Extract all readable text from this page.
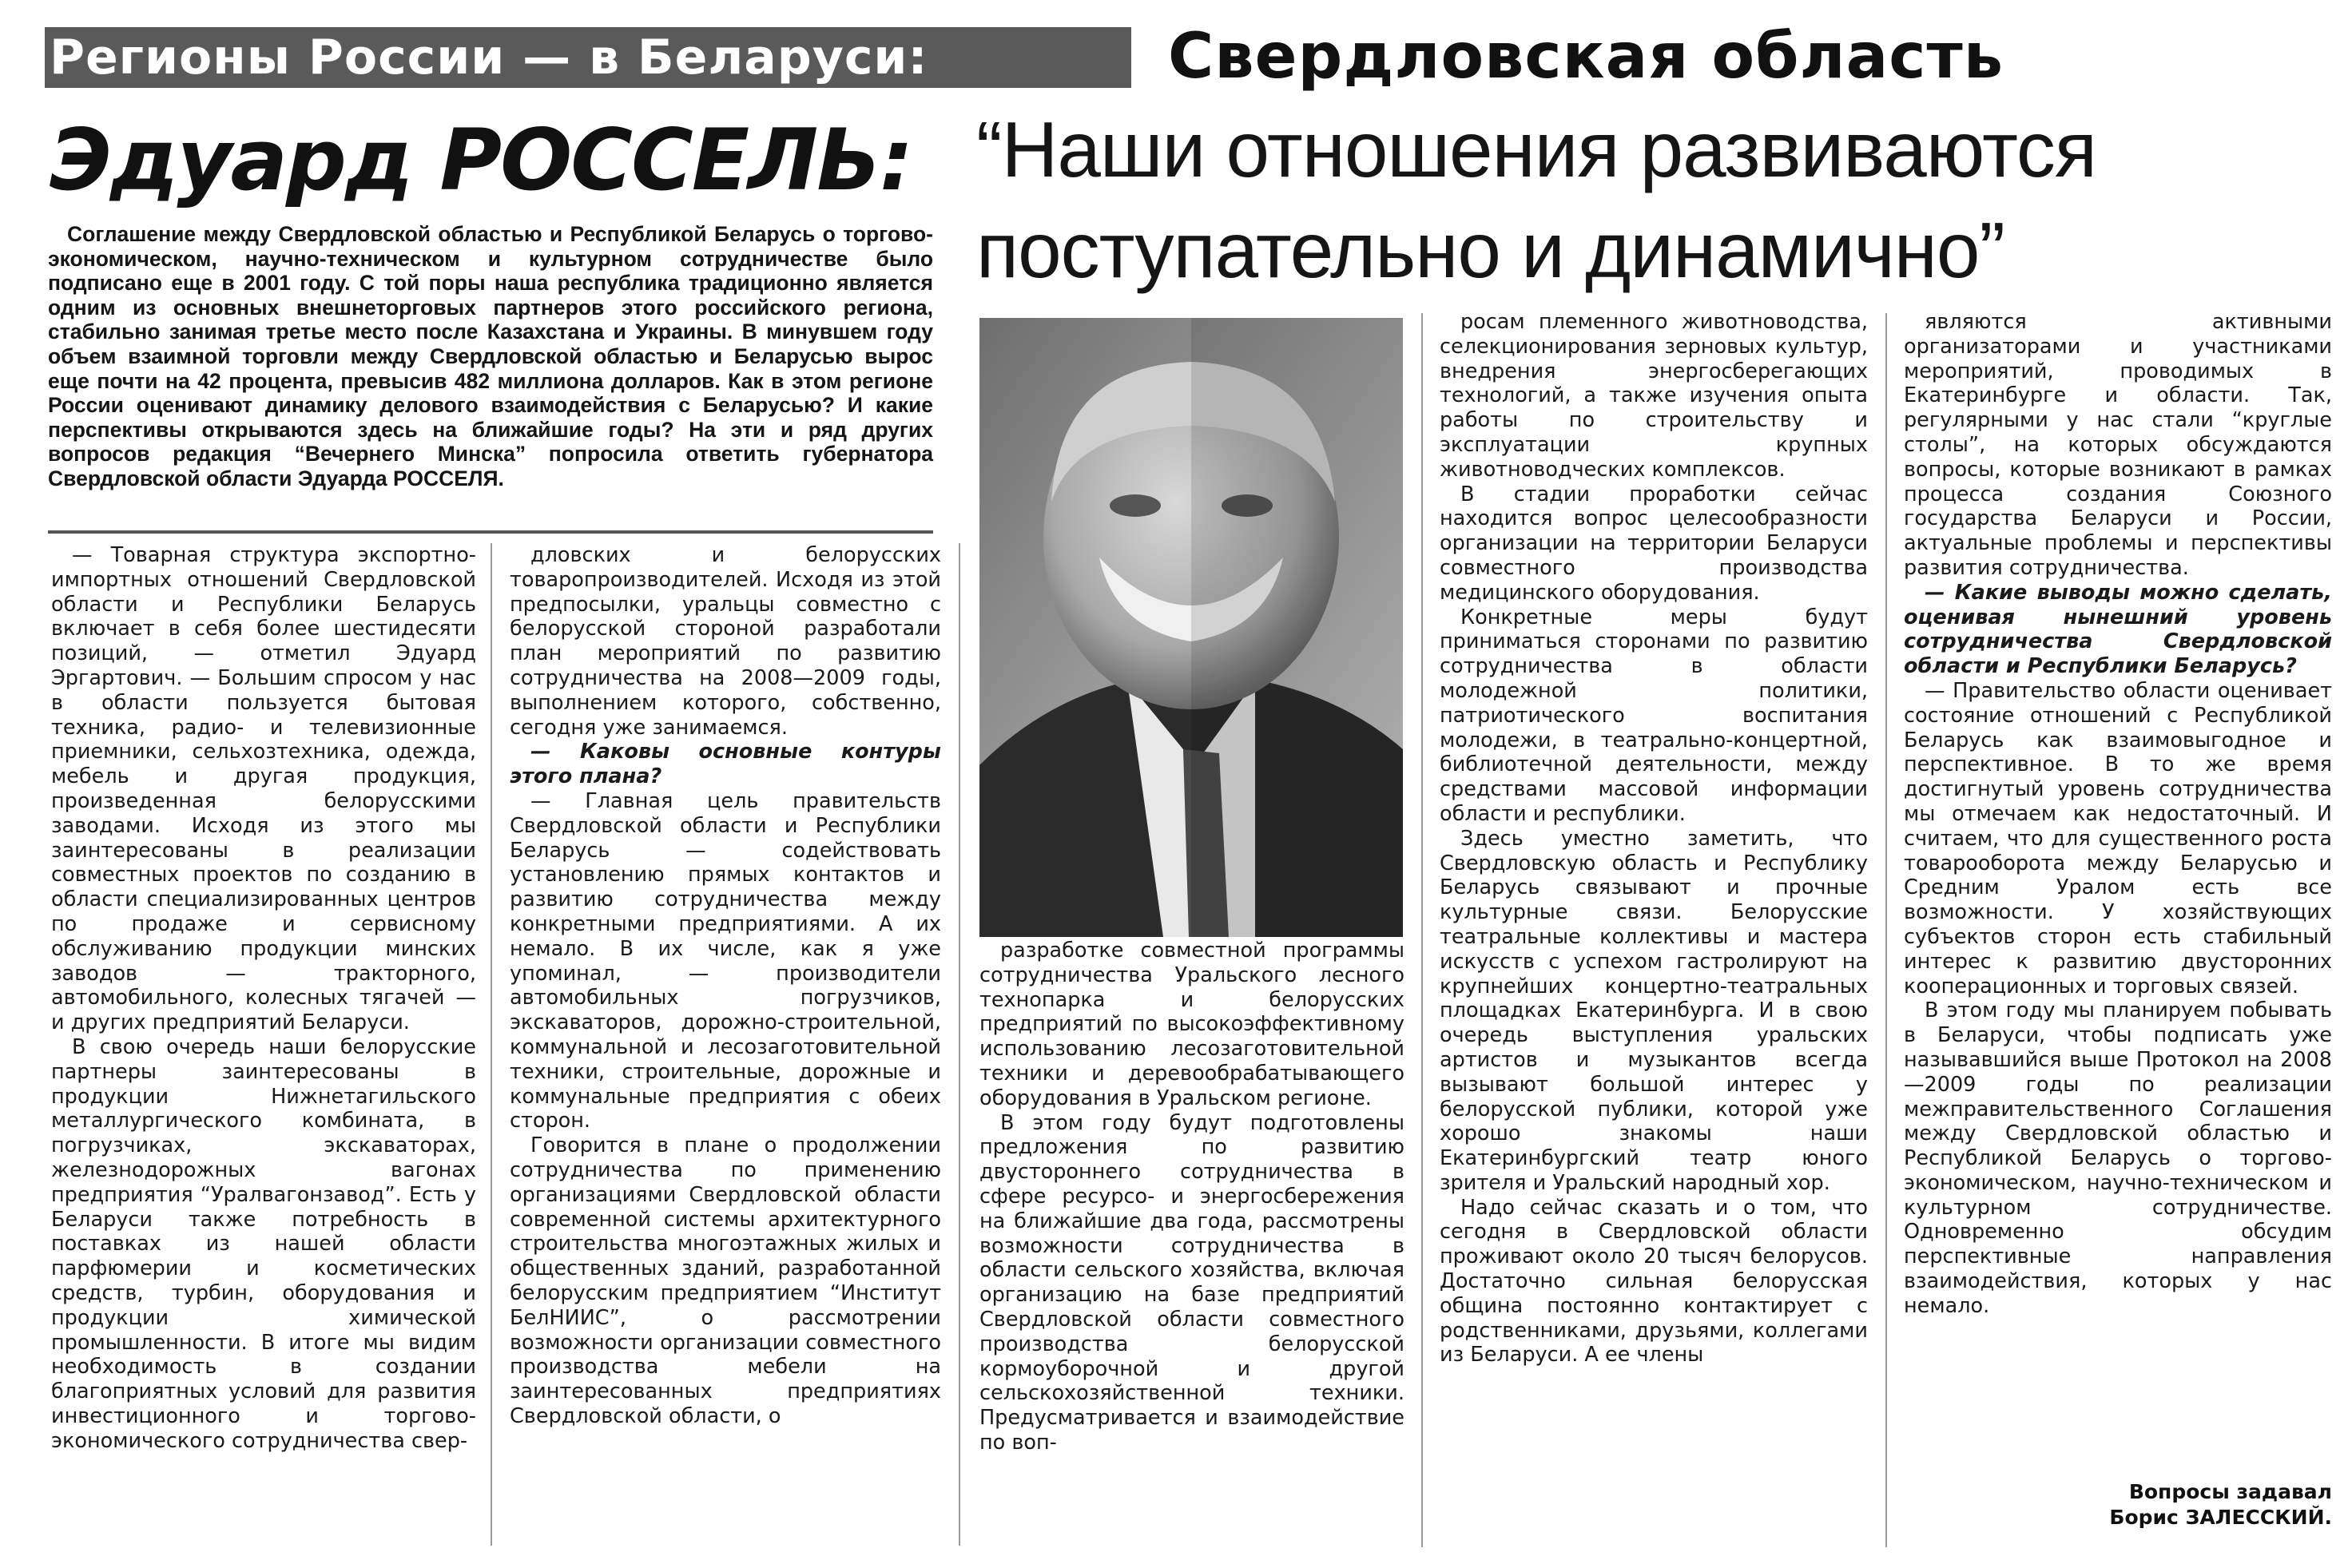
Регионы России — в Беларуси:	Свердловская область
Эдуард РОССЕЛЬ: “Наши отношения развиваются
поступательно и динамично”
Соглашение между Свердловской областью и Республикой Беларусь о торгово-экономическом, научно-техническом и культурном сотрудничестве было подписано еще в 2001 году. С той поры наша республика традиционно является одним из основных внешнеторговых партнеров этого российского региона, стабильно занимая третье место после Казахстана и Украины. В минувшем году объем взаимной торговли между Свердловской областью и Беларусью вырос еще почти на 42 процента, превысив 482 миллиона долларов. Как в этом регионе России оценивают динамику делового взаимодействия с Беларусью? И какие перспективы открываются здесь на ближайшие годы? На эти и ряд других вопросов редакция “Вечернего Минска” попросила ответить губернатора Свердловской области Эдуарда РОССЕЛЯ.

— Товарная структура экспортно-импортных отношений Свердловской области и Республики Беларусь включает в себя более шестидесяти позиций, — отметил Эдуард Эргартович. — Большим спросом у нас в области пользуется бытовая техника, радио- и телевизионные приемники, сельхозтехника, одежда, мебель и другая продукция, произведенная белорусскими заводами. Исходя из этого мы заинтересованы в реализации совместных проектов по созданию в области специализированных центров по продаже и сервисному обслуживанию продукции минских заводов — тракторного, автомобильного, колесных тягачей — и других предприятий Беларуси.

В свою очередь наши белорусские партнеры заинтересованы в продукции Нижнетагильского металлургического комбината, в погрузчиках, экскаваторах, железнодорожных вагонах предприятия “Уралвагонзавод”. Есть у Беларуси также потребность в поставках из нашей области парфюмерии и косметических средств, турбин, оборудования и продукции химической промышленности. В итоге мы видим необходимость в создании благоприятных условий для развития инвестиционного и торгово-экономического сотрудничества свер-

дловских и белорусских товаропроизводителей. Исходя из этой предпосылки, уральцы совместно с белорусской стороной разработали план мероприятий по развитию сотрудничества на 2008—2009 годы, выполнением которого, собственно, сегодня уже занимаемся.

— Каковы основные контуры этого плана?

— Главная цель правительств Свердловской области и Республики Беларусь — содействовать установлению прямых контактов и развитию сотрудничества между конкретными предприятиями. А их немало. В их числе, как я уже упоминал, — производители автомобильных погрузчиков, экскаваторов, дорожно-строительной, коммунальной и лесозаготовительной техники, строительные, дорожные и коммунальные предприятия с обеих сторон.

Говорится в плане о продолжении сотрудничества по применению организациями Свердловской области современной системы архитектурного строительства многоэтажных жилых и общественных зданий, разработанной белорусским предприятием “Институт БелНИИС”, о рассмотрении возможности организации совместного производства мебели на заинтересованных предприятиях Свердловской области, о

разработке совместной программы сотрудничества Уральского лесного технопарка и белорусских предприятий по высокоэффективному использованию лесозаготовительной техники и деревообрабатывающего оборудования в Уральском регионе.

В этом году будут подготовлены предложения по развитию двустороннего сотрудничества в сфере ресурсо- и энергосбережения на ближайшие два года, рассмотрены возможности сотрудничества в области сельского хозяйства, включая организацию на базе предприятий Свердловской области совместного производства белорусской кормоуборочной и другой сельскохозяйственной техники. Предусматривается и взаимодействие по воп-

росам племенного животноводства, селекционирования зерновых культур, внедрения энергосберегающих технологий, а также изучения опыта работы по строительству и эксплуатации крупных животноводческих комплексов.

В стадии проработки сейчас находится вопрос целесообразности организации на территории Беларуси совместного производства медицинского оборудования.

Конкретные меры будут приниматься сторонами по развитию сотрудничества в области молодежной политики, патриотического воспитания молодежи, в театрально-концертной, библиотечной деятельности, между средствами массовой информации области и республики.

Здесь уместно заметить, что Свердловскую область и Республику Беларусь связывают и прочные культурные связи. Белорусские театральные коллективы и мастера искусств с успехом гастролируют на крупнейших концертно-театральных площадках Екатеринбурга. И в свою очередь выступления уральских артистов и музыкантов всегда вызывают большой интерес у белорусской публики, которой уже хорошо знакомы наши Екатеринбургский театр юного зрителя и Уральский народный хор.

Надо сейчас сказать и о том, что сегодня в Свердловской области проживают около 20 тысяч белорусов. Достаточно сильная белорусская община постоянно контактирует с родственниками, друзьями, коллегами из Беларуси. А ее члены

являются активными организаторами и участниками мероприятий, проводимых в Екатеринбурге и области. Так, регулярными у нас стали “круглые столы”, на которых обсуждаются вопросы, которые возникают в рамках процесса создания Союзного государства Беларуси и России, актуальные проблемы и перспективы развития сотрудничества.

— Какие выводы можно сделать, оценивая нынешний уровень сотрудничества Свердловской области и Республики Беларусь?

— Правительство области оценивает состояние отношений с Республикой Беларусь как взаимовыгодное и перспективное. В то же время достигнутый уровень сотрудничества мы отмечаем как недостаточный. И считаем, что для существенного роста товарооборота между Беларусью и Средним Уралом есть все возможности. У хозяйствующих субъектов сторон есть стабильный интерес к развитию двусторонних кооперационных и торговых связей.

В этом году мы планируем побывать в Беларуси, чтобы подписать уже называвшийся выше Протокол на 2008—2009 годы по реализации межправительственного Соглашения между Свердловской областью и Республикой Беларусь о торгово-экономическом, научно-техническом и культурном сотрудничестве. Одновременно обсудим перспективные направления взаимодействия, которых у нас немало.

Вопросы задавал
Борис ЗАЛЕССКИЙ.
